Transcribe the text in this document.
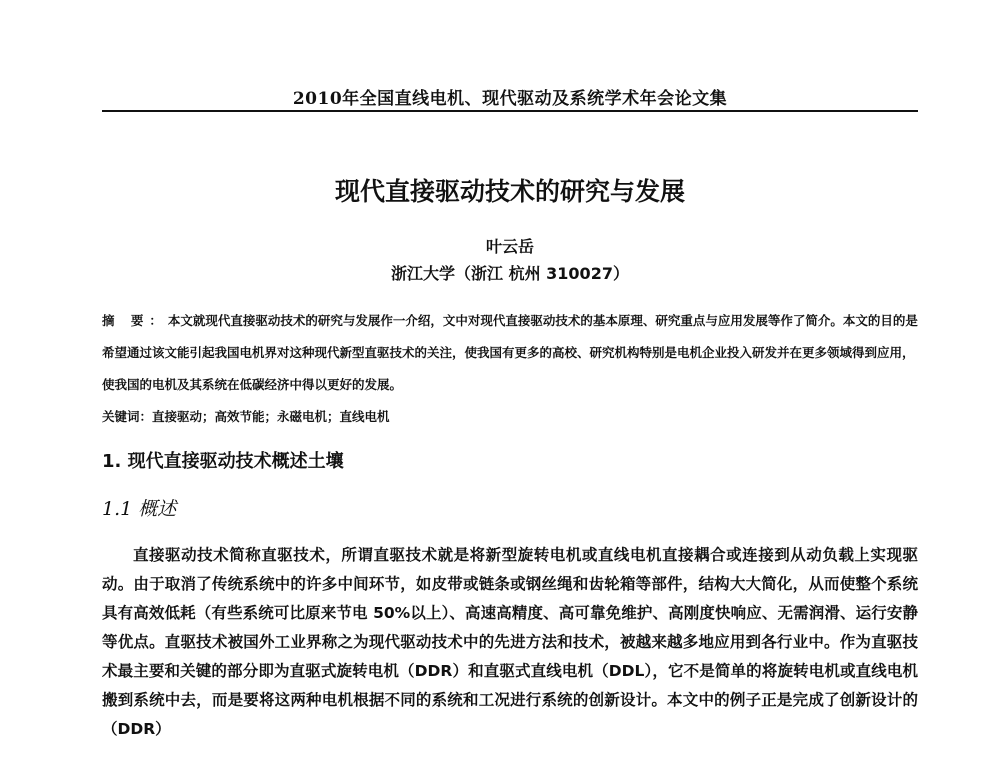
2010年全国直线电机、现代驱动及系统学术年会论文集
现代直接驱动技术的研究与发展
叶云岳
浙江大学（浙江 杭州 310027）
摘 要：本文就现代直接驱动技术的研究与发展作一介绍，文中对现代直接驱动技术的基本原理、研究重点与应用发展等作了简介。本文的目的是希望通过该文能引起我国电机界对这种现代新型直驱技术的关注，使我国有更多的高校、研究机构特别是电机企业投入研发并在更多领域得到应用，使我国的电机及其系统在低碳经济中得以更好的发展。
关键词：直接驱动；高效节能；永磁电机；直线电机
1. 现代直接驱动技术概述土壤
1.1 概述
直接驱动技术简称直驱技术，所谓直驱技术就是将新型旋转电机或直线电机直接耦合或连接到从动负载上实现驱动。由于取消了传统系统中的许多中间环节，如皮带或链条或钢丝绳和齿轮箱等部件，结构大大简化，从而使整个系统具有高效低耗（有些系统可比原来节电 50%以上）、高速高精度、高可靠免维护、高刚度快响应、无需润滑、运行安静等优点。直驱技术被国外工业界称之为现代驱动技术中的先进方法和技术，被越来越多地应用到各行业中。作为直驱技术最主要和关键的部分即为直驱式旋转电机（DDR）和直驱式直线电机（DDL），它不是简单的将旋转电机或直线电机搬到系统中去，而是要将这两种电机根据不同的系统和工况进行系统的创新设计。本文中的例子正是完成了创新设计的（DDR）
